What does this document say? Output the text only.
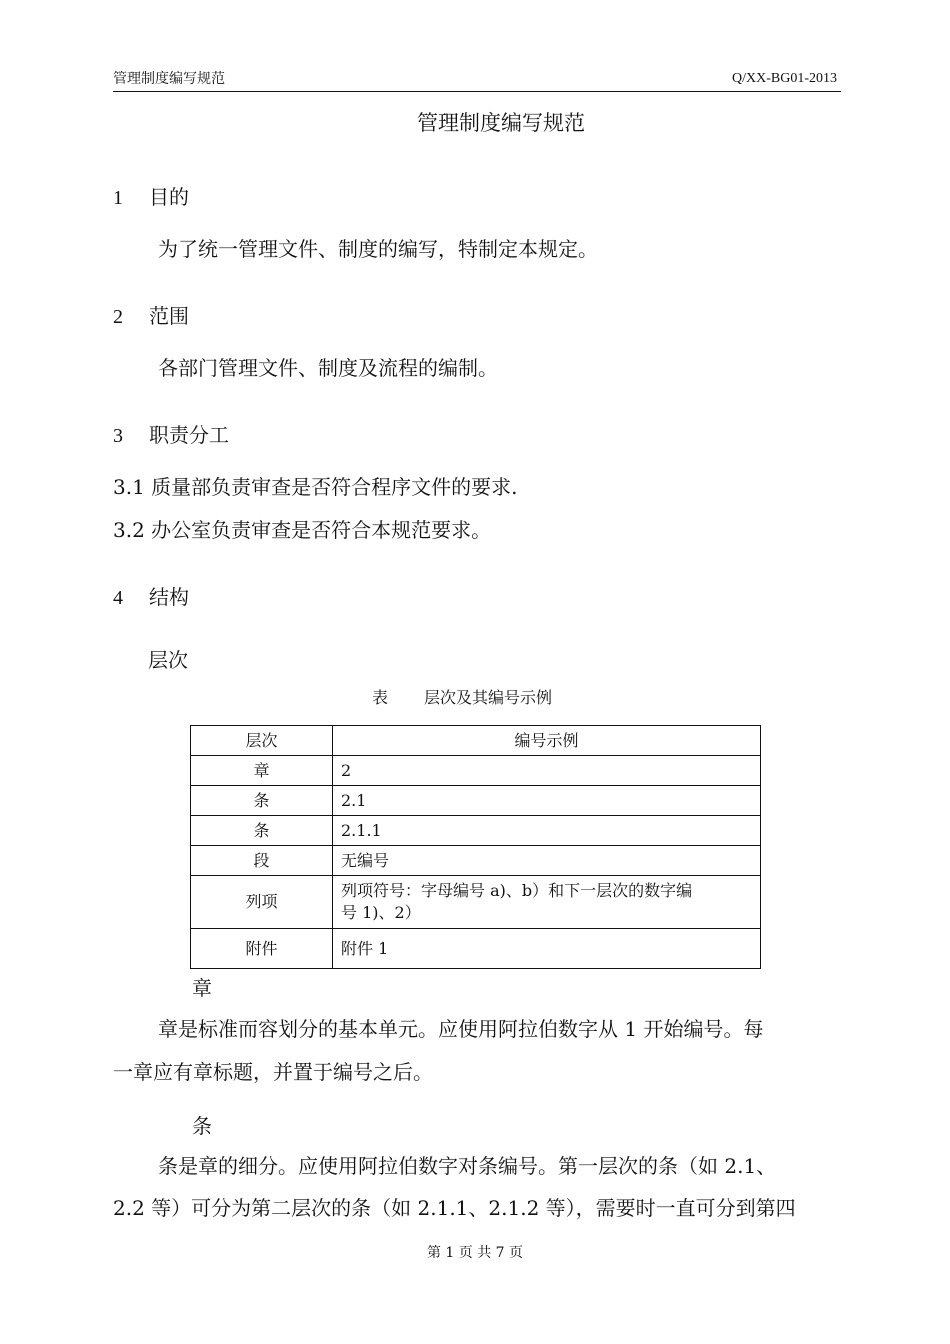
管理制度编写规范	Q/XX-BG01-2013
管理制度编写规范
1 目的
为了统一管理文件、制度的编写，特制定本规定。
2 范围
各部门管理文件、制度及流程的编制。
3 职责分工
3.1 质量部负责审查是否符合程序文件的要求.
3.2 办公室负责审查是否符合本规范要求。
4 结构
层次
表 层次及其编号示例
层次	编号示例
章	2
条	2.1
条	2.1.1
段	无编号
列项	列项符号：字母编号 a)、b）和下一层次的数字编
号 1)、2）

附件	附件 1
章
章是标准而容划分的基本单元。应使用阿拉伯数字从 1 开始编号。每
一章应有章标题，并置于编号之后。
条
条是章的细分。应使用阿拉伯数字对条编号。第一层次的条（如 2.1、
2.2 等）可分为第二层次的条（如 2.1.1、2.1.2 等），需要时一直可分到第四
第 1 页 共 7 页
